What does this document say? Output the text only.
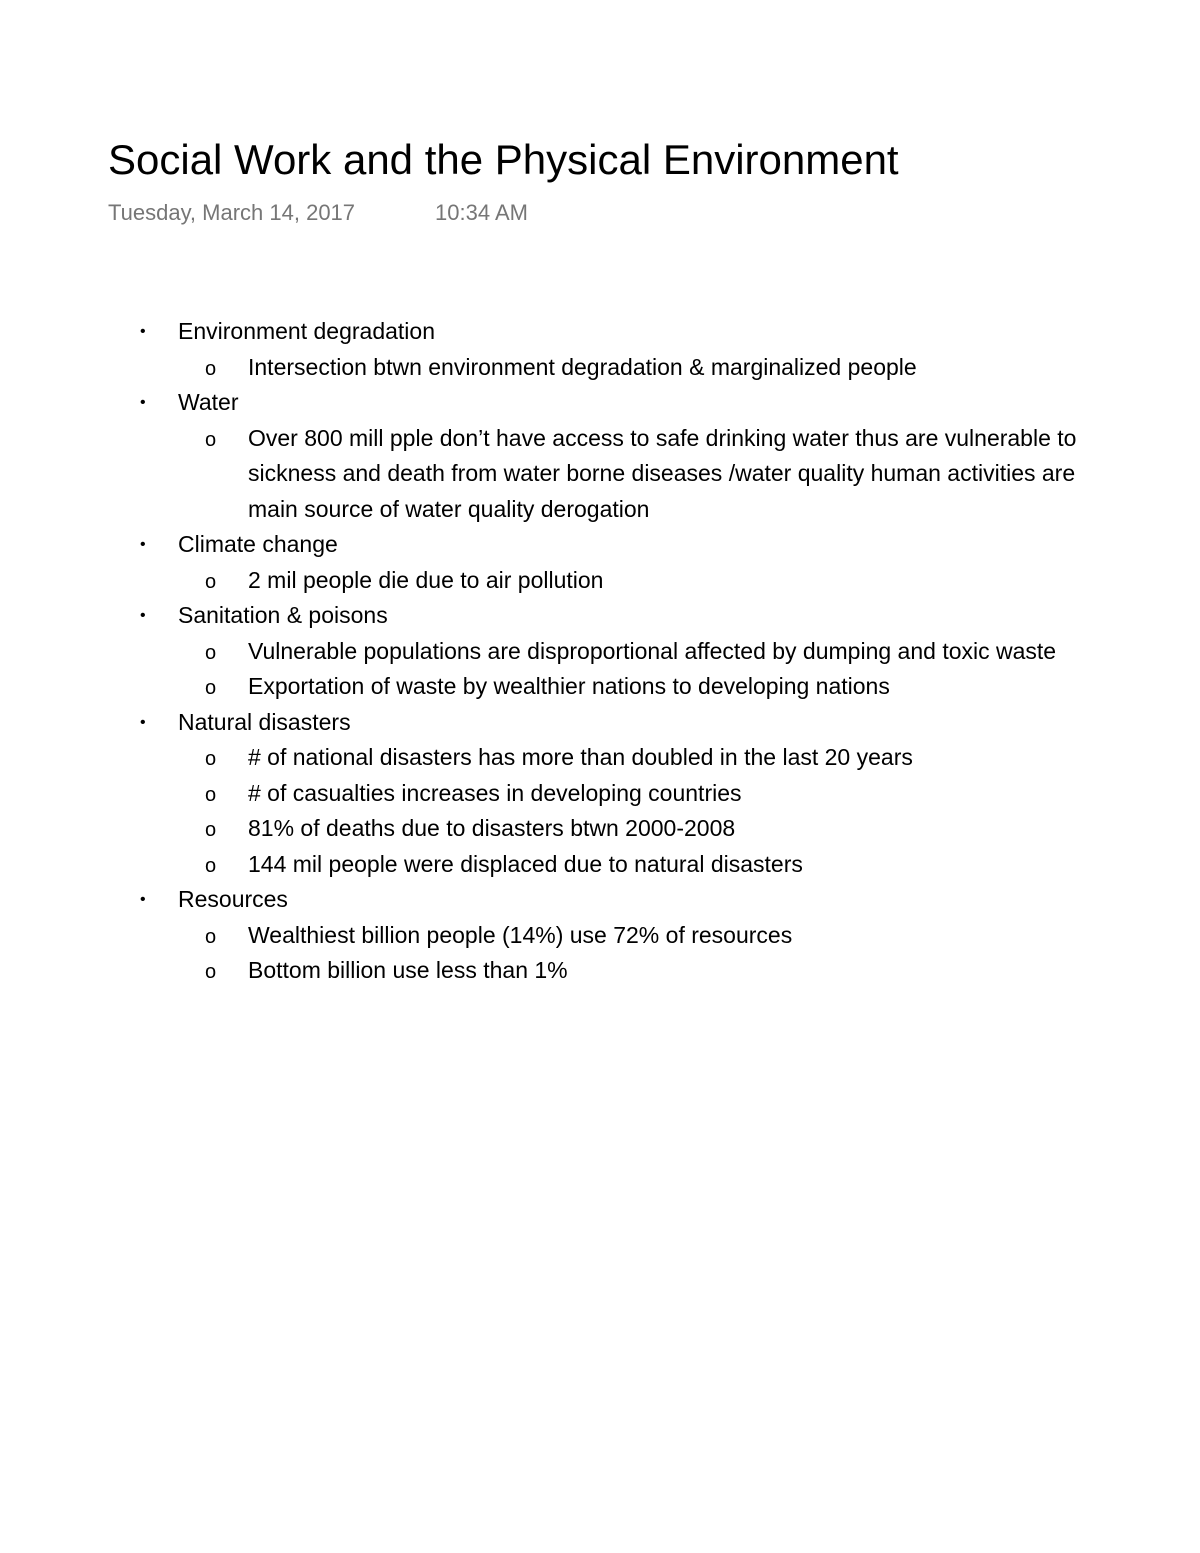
Social Work and the Physical Environment
Tuesday, March 14, 2017	10:34 AM
•	Environment degradation
o Intersection btwn environment degradation & marginalized people
•	Water
o Over 800 mill pple don’t have access to safe drinking water thus are vulnerable to sickness and death from water borne diseases /water quality human activities are main source of water quality derogation
•	Climate change
o 2 mil people die due to air pollution
•	Sanitation & poisons
o Vulnerable populations are disproportional affected by dumping and toxic waste
o Exportation of waste by wealthier nations to developing nations
•	Natural disasters
o # of national disasters has more than doubled in the last 20 years
o # of casualties increases in developing countries
o 81% of deaths due to disasters btwn 2000-2008
o 144 mil people were displaced due to natural disasters
•	Resources
o Wealthiest billion people (14%) use 72% of resources
o Bottom billion use less than 1%
